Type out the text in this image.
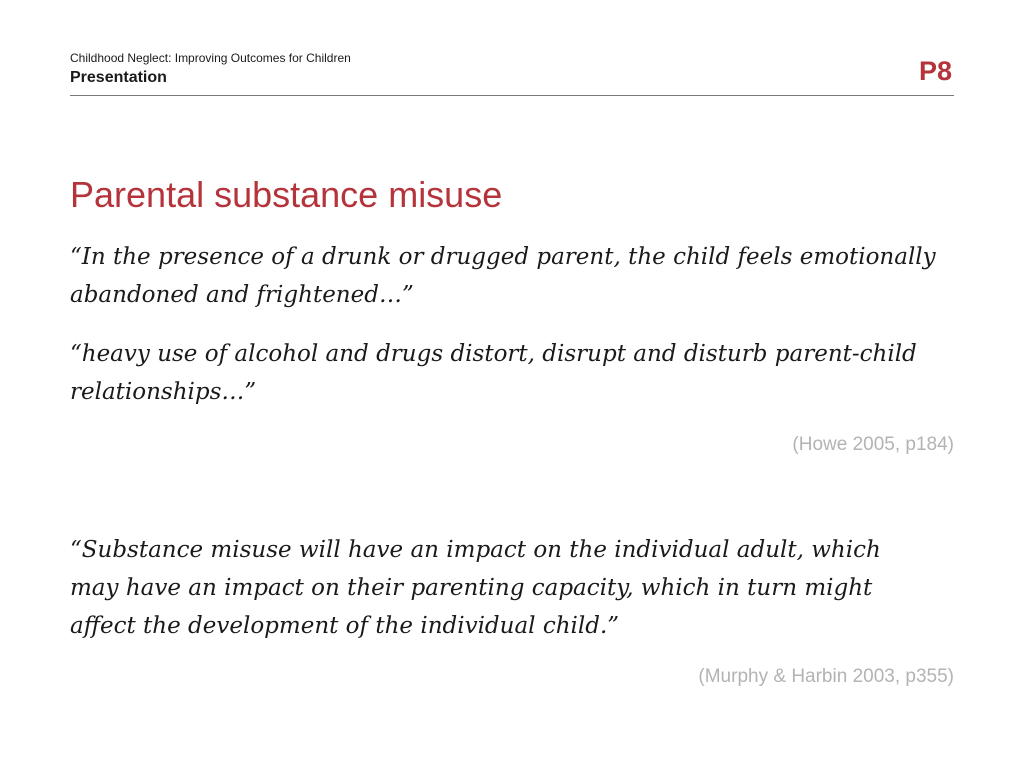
Childhood Neglect: Improving Outcomes for Children
Presentation	P8
Parental substance misuse
“In the presence of a drunk or drugged parent, the child feels emotionally abandoned and frightened…”
“heavy use of alcohol and drugs distort, disrupt and disturb parent-child relationships…”
(Howe 2005, p184)
“Substance misuse will have an impact on the individual adult, which may have an impact on their parenting capacity, which in turn might affect the development of the individual child.”
(Murphy & Harbin 2003, p355)
